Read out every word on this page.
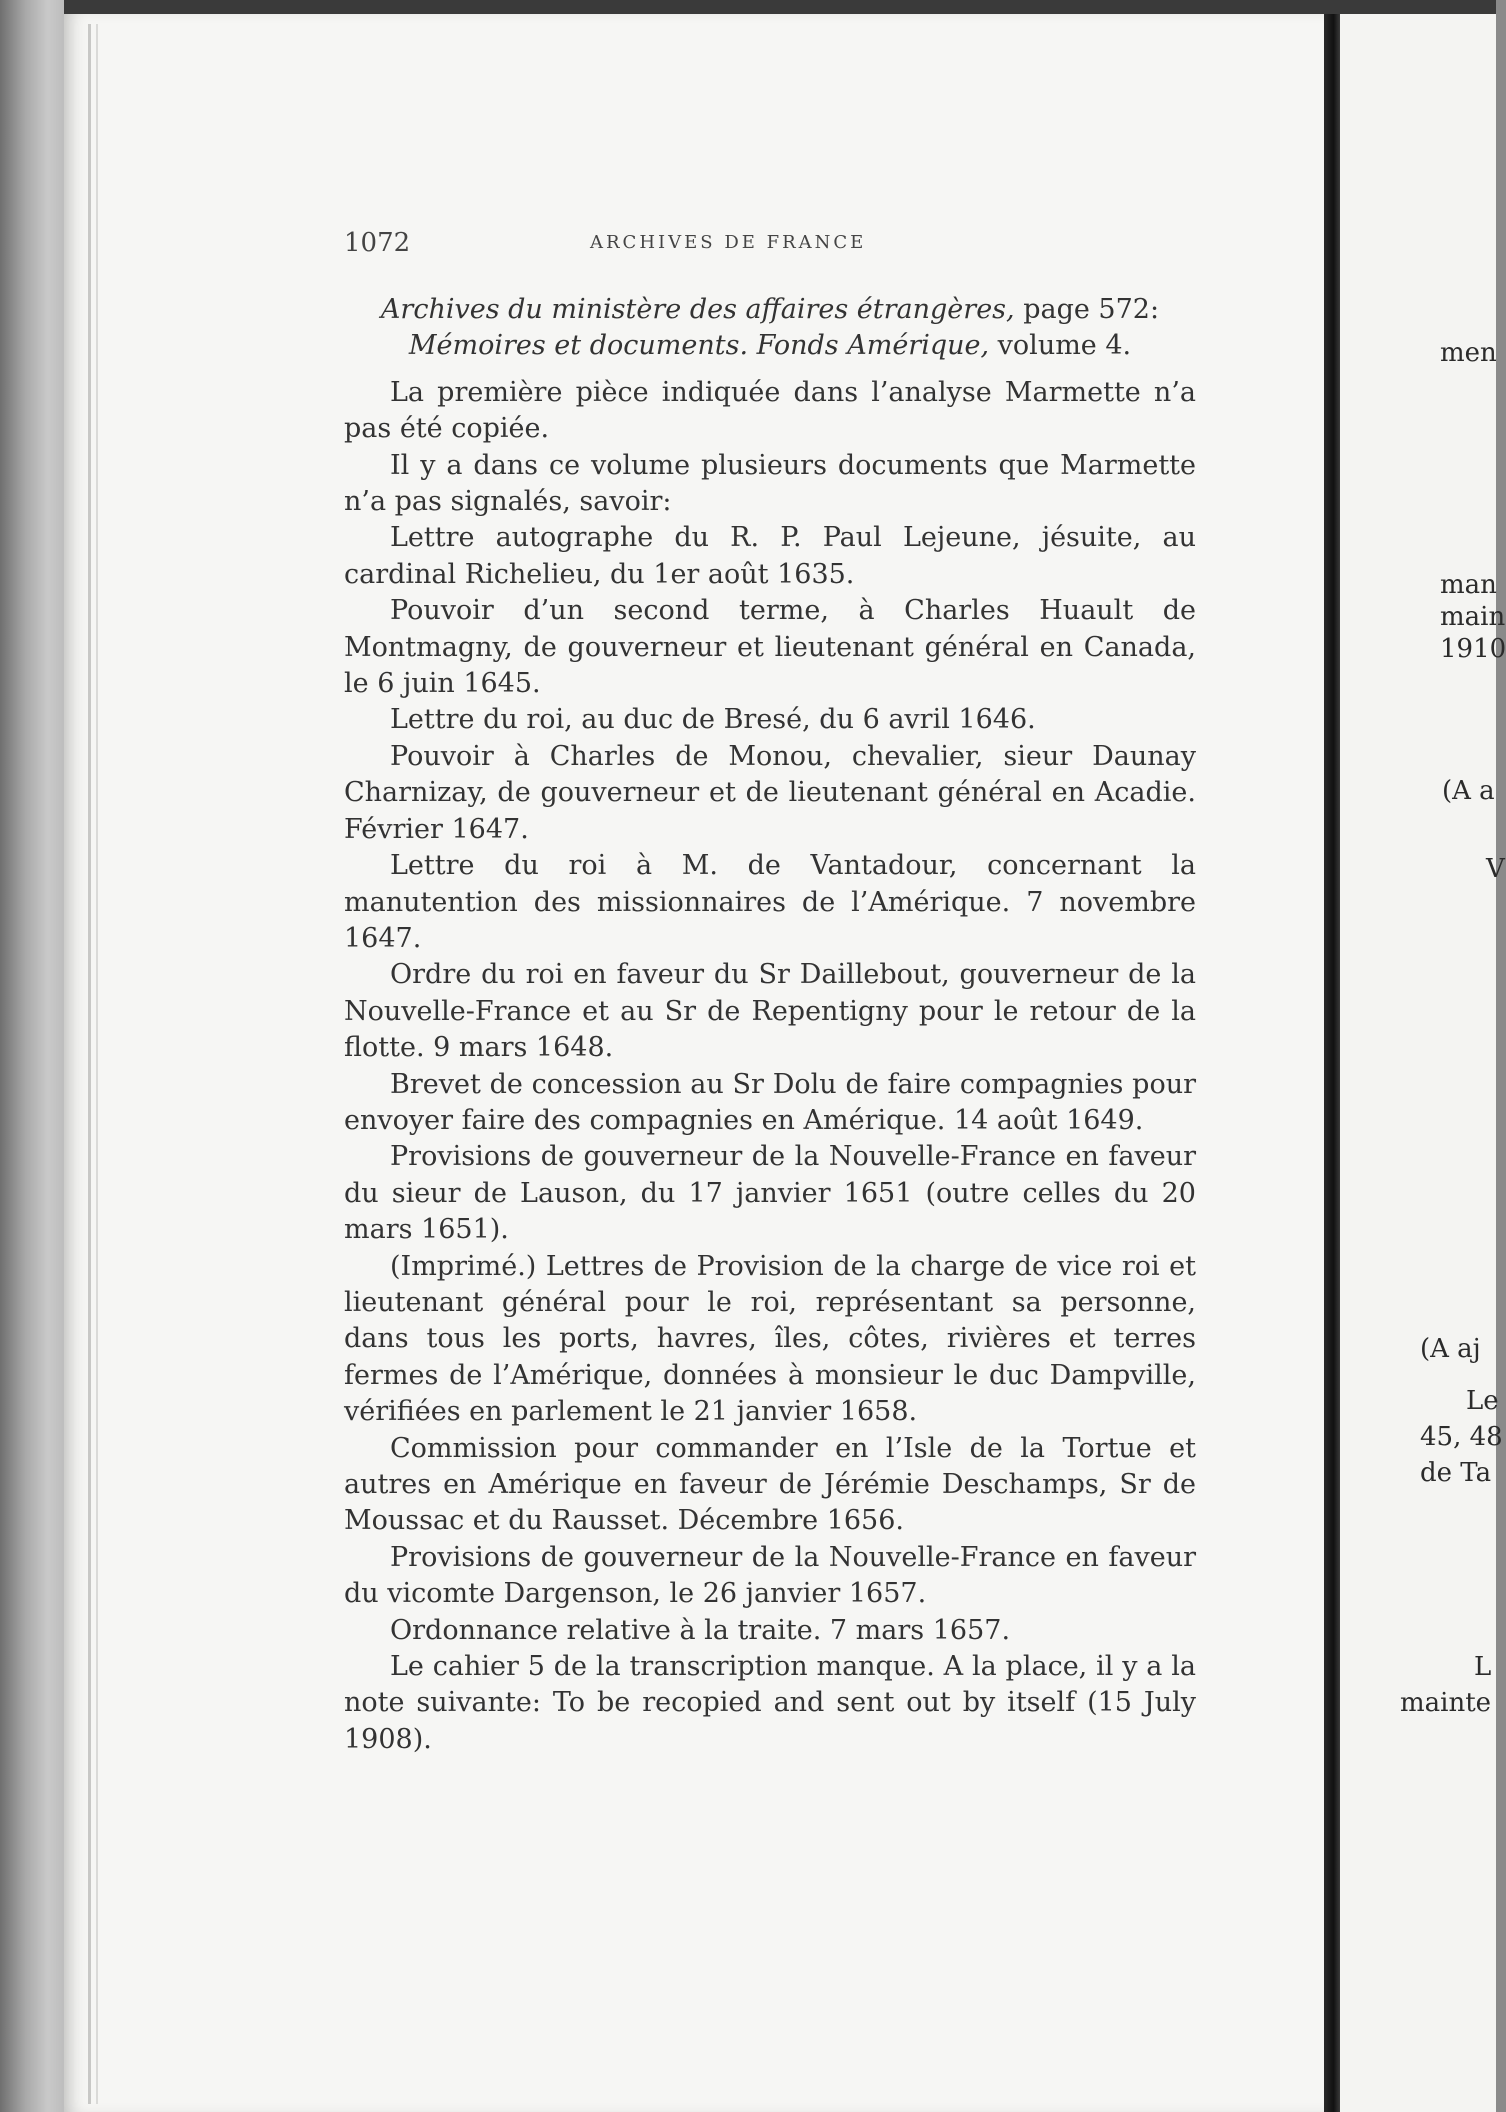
1072	ARCHIVES DE FRANCE

Archives du ministère des affaires étrangères, page 572: Mémoires et documents. Fonds Amérique, volume 4.

La première pièce indiquée dans l’analyse Marmette n’a pas été copiée.

Il y a dans ce volume plusieurs documents que Marmette n’a pas signalés, savoir:

Lettre autographe du R. P. Paul Lejeune, jésuite, au cardinal Richelieu, du 1er août 1635.

Pouvoir d’un second terme, à Charles Huault de Montmagny, de gouverneur et lieutenant général en Canada, le 6 juin 1645.

Lettre du roi, au duc de Bresé, du 6 avril 1646.

Pouvoir à Charles de Monou, chevalier, sieur Daunay Charnizay, de gouverneur et de lieutenant général en Acadie. Février 1647.

Lettre du roi à M. de Vantadour, concernant la manutention des missionnaires de l’Amérique. 7 novembre 1647.

Ordre du roi en faveur du Sr Daillebout, gouverneur de la Nouvelle-France et au Sr de Repentigny pour le retour de la flotte. 9 mars 1648.

Brevet de concession au Sr Dolu de faire compagnies pour envoyer faire des compagnies en Amérique. 14 août 1649.

Provisions de gouverneur de la Nouvelle-France en faveur du sieur de Lauson, du 17 janvier 1651 (outre celles du 20 mars 1651).

(Imprimé.) Lettres de Provision de la charge de vice roi et lieutenant général pour le roi, représentant sa personne, dans tous les ports, havres, îles, côtes, rivières et terres fermes de l’Amérique, données à monsieur le duc Dampville, vérifiées en parlement le 21 janvier 1658.

Commission pour commander en l’Isle de la Tortue et autres en Amérique en faveur de Jérémie Deschamps, Sr de Moussac et du Rausset. Décembre 1656.

Provisions de gouverneur de la Nouvelle-France en faveur du vicomte Dargenson, le 26 janvier 1657.

Ordonnance relative à la traite. 7 mars 1657.

Le cahier 5 de la transcription manque. A la place, il y a la note suivante: To be recopied and sent out by itself (15 July 1908).

men
man
main
1910
(A a
V
(A aj
Le
45, 48
de Ta
L
mainte
